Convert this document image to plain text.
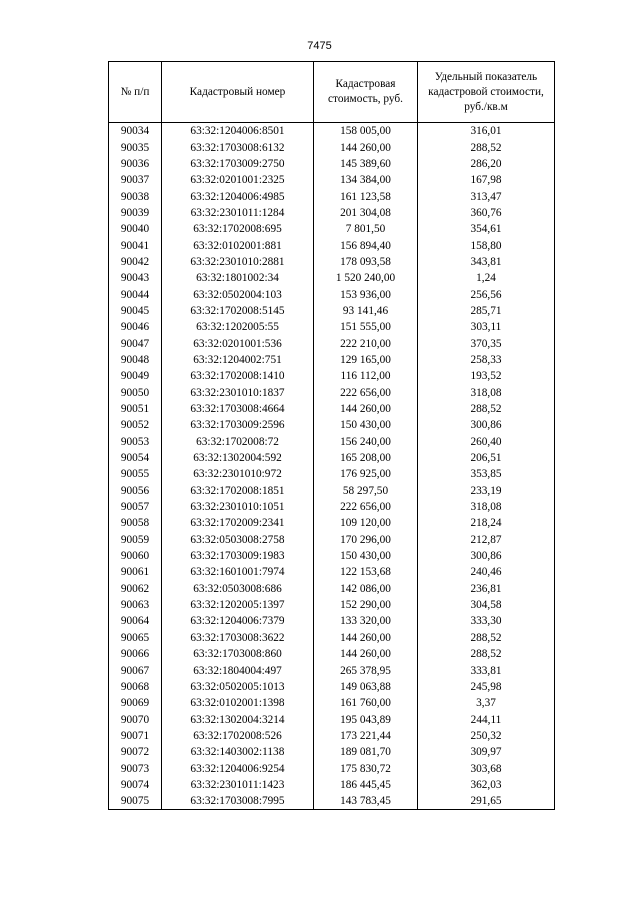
7475
№ п/п	Кадастровый номер	Кадастровая стоимость, руб.	Удельный показатель кадастровой стоимости, руб./кв.м
90034	63:32:1204006:8501	158 005,00	316,01
90035	63:32:1703008:6132	144 260,00	288,52
90036	63:32:1703009:2750	145 389,60	286,20
90037	63:32:0201001:2325	134 384,00	167,98
90038	63:32:1204006:4985	161 123,58	313,47
90039	63:32:2301011:1284	201 304,08	360,76
90040	63:32:1702008:695	7 801,50	354,61
90041	63:32:0102001:881	156 894,40	158,80
90042	63:32:2301010:2881	178 093,58	343,81
90043	63:32:1801002:34	1 520 240,00	1,24
90044	63:32:0502004:103	153 936,00	256,56
90045	63:32:1702008:5145	93 141,46	285,71
90046	63:32:1202005:55	151 555,00	303,11
90047	63:32:0201001:536	222 210,00	370,35
90048	63:32:1204002:751	129 165,00	258,33
90049	63:32:1702008:1410	116 112,00	193,52
90050	63:32:2301010:1837	222 656,00	318,08
90051	63:32:1703008:4664	144 260,00	288,52
90052	63:32:1703009:2596	150 430,00	300,86
90053	63:32:1702008:72	156 240,00	260,40
90054	63:32:1302004:592	165 208,00	206,51
90055	63:32:2301010:972	176 925,00	353,85
90056	63:32:1702008:1851	58 297,50	233,19
90057	63:32:2301010:1051	222 656,00	318,08
90058	63:32:1702009:2341	109 120,00	218,24
90059	63:32:0503008:2758	170 296,00	212,87
90060	63:32:1703009:1983	150 430,00	300,86
90061	63:32:1601001:7974	122 153,68	240,46
90062	63:32:0503008:686	142 086,00	236,81
90063	63:32:1202005:1397	152 290,00	304,58
90064	63:32:1204006:7379	133 320,00	333,30
90065	63:32:1703008:3622	144 260,00	288,52
90066	63:32:1703008:860	144 260,00	288,52
90067	63:32:1804004:497	265 378,95	333,81
90068	63:32:0502005:1013	149 063,88	245,98
90069	63:32:0102001:1398	161 760,00	3,37
90070	63:32:1302004:3214	195 043,89	244,11
90071	63:32:1702008:526	173 221,44	250,32
90072	63:32:1403002:1138	189 081,70	309,97
90073	63:32:1204006:9254	175 830,72	303,68
90074	63:32:2301011:1423	186 445,45	362,03
90075	63:32:1703008:7995	143 783,45	291,65
